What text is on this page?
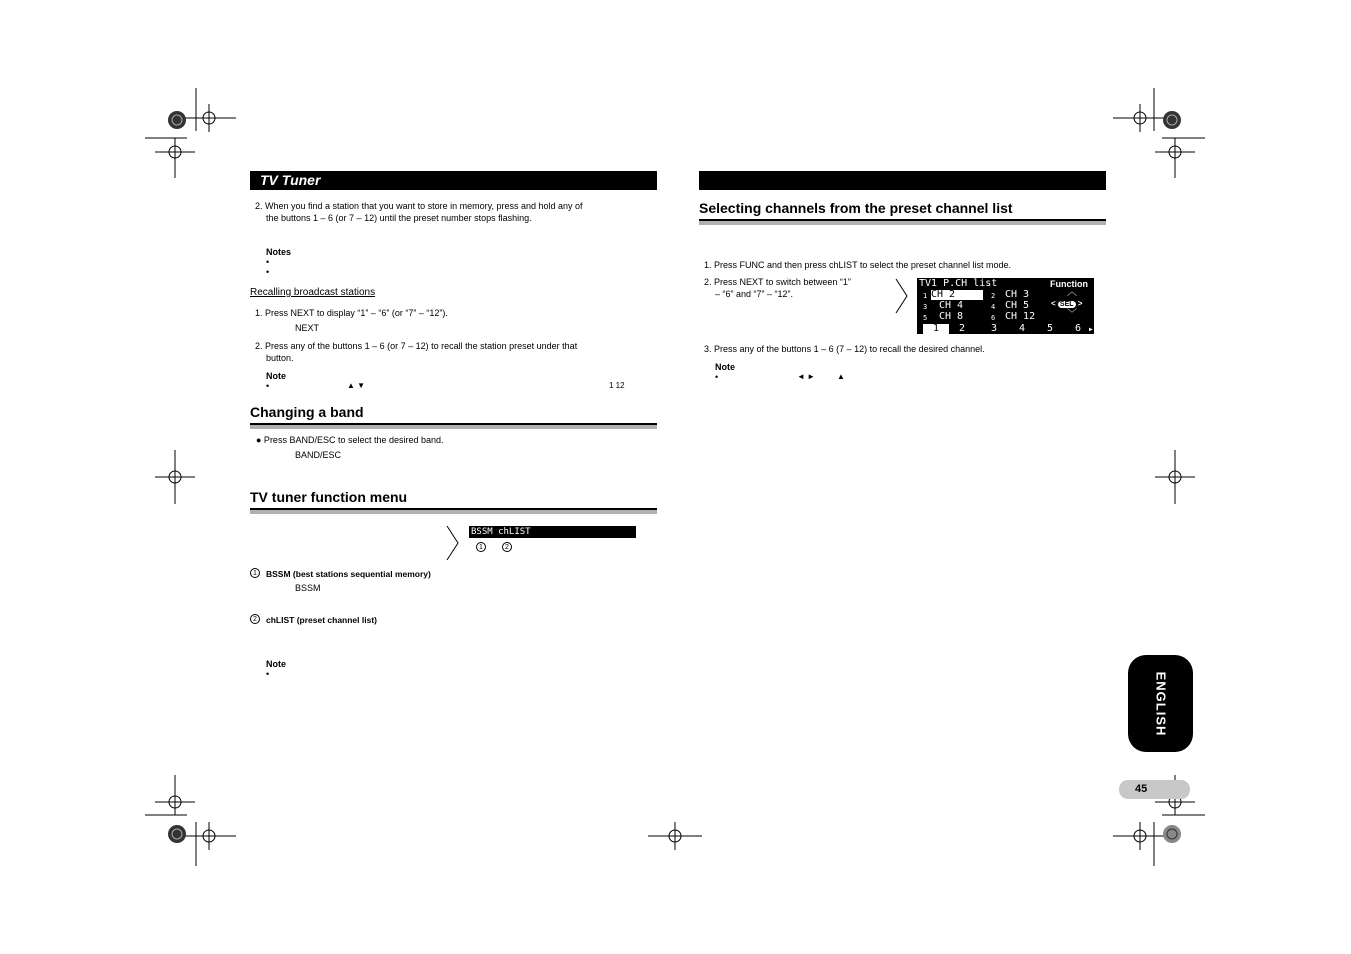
TV Tuner
2. When you find a station that you want to store in memory, press and hold any of
the buttons 1 – 6 (or 7 – 12) until the preset number stops flashing.
Notes
•
•
Recalling broadcast stations
1. Press NEXT to display “1” – “6” (or “7” – “12”).
NEXT
2. Press any of the buttons 1 – 6 (or 7 – 12) to recall the station preset under that
button.
Note
•	▲ ▼	1 12
Changing a band
● Press BAND/ESC to select the desired band.
BAND/ESC
TV tuner function menu
BSSM chLIST
1	2
1	BSSM (best stations sequential memory)
BSSM
2	chLIST (preset channel list)
Note
•
Selecting channels from the preset channel list
1. Press FUNC and then press chLIST to select the preset channel list mode.
2. Press NEXT to switch between “1”
– “6” and “7” – “12”.
TV1 P.CH list	Function
1 CH 2	2 CH 3
3 CH 4	4 CH 5
5 CH 8	6 CH 12
︿
< SEL >
﹀
1	2	3 4 5 6 ▶
3. Press any of the buttons 1 – 6 (7 – 12) to recall the desired channel.
Note
•	◄ ►	▲
ENGLISH
45
